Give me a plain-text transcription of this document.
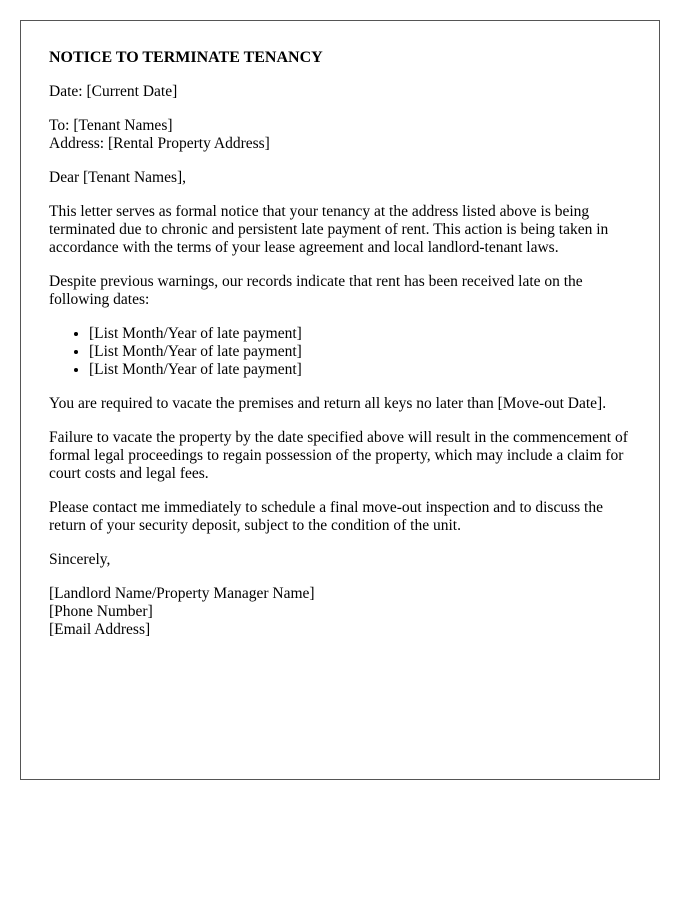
NOTICE TO TERMINATE TENANCY

Date: [Current Date]

To: [Tenant Names]
Address: [Rental Property Address]

Dear [Tenant Names],

This letter serves as formal notice that your tenancy at the address listed above is being terminated due to chronic and persistent late payment of rent. This action is being taken in accordance with the terms of your lease agreement and local landlord-tenant laws.

Despite previous warnings, our records indicate that rent has been received late on the following dates:

• [List Month/Year of late payment]
• [List Month/Year of late payment]
• [List Month/Year of late payment]

You are required to vacate the premises and return all keys no later than [Move-out Date].

Failure to vacate the property by the date specified above will result in the commencement of formal legal proceedings to regain possession of the property, which may include a claim for court costs and legal fees.

Please contact me immediately to schedule a final move-out inspection and to discuss the return of your security deposit, subject to the condition of the unit.

Sincerely,

[Landlord Name/Property Manager Name]
[Phone Number]
[Email Address]
